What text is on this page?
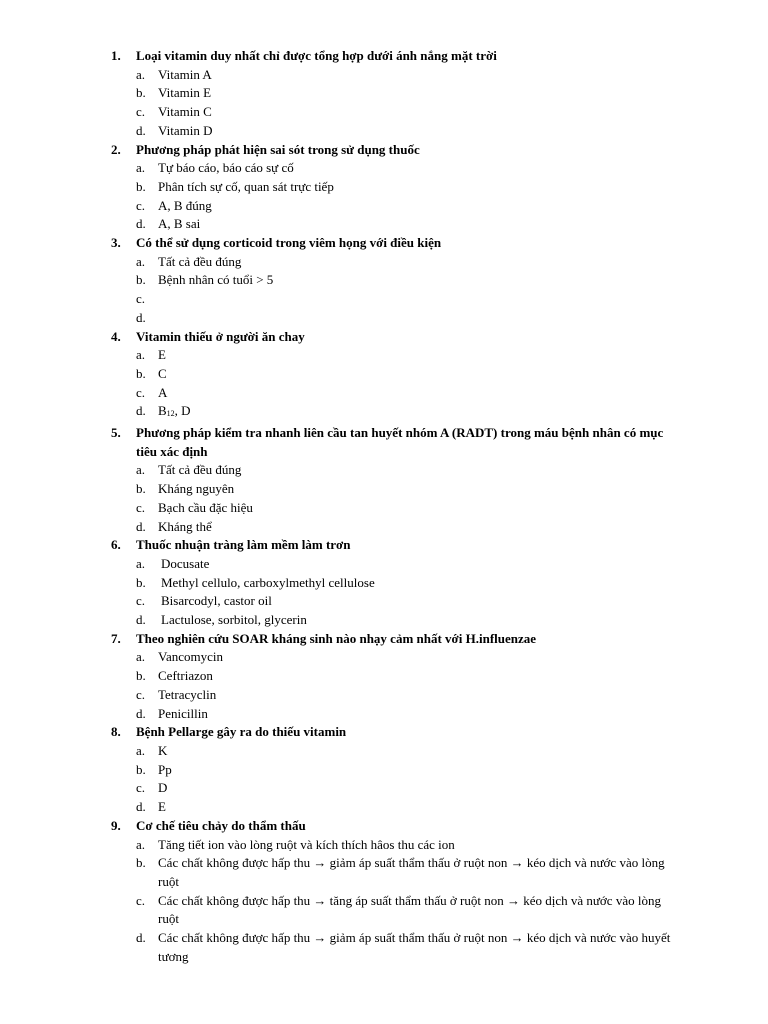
1.	Loại vitamin duy nhất chỉ được tổng hợp dưới ánh nắng mặt trời
a. Vitamin A
b. Vitamin E
c. Vitamin C
d. Vitamin D
2.	Phương pháp phát hiện sai sót trong sử dụng thuốc
a. Tự báo cáo, báo cáo sự cố
b. Phân tích sự cố, quan sát trực tiếp
c. A, B đúng
d. A, B sai
3.	Có thể sử dụng corticoid trong viêm họng với điều kiện
a. Tất cả đều đúng
b. Bệnh nhân có tuổi > 5
c.
d.
4.	Vitamin thiếu ở người ăn chay
a. E
b. C
c. A
d. $B_{12}$, D
5.	Phương pháp kiểm tra nhanh liên cầu tan huyết nhóm A (RADT) trong máu bệnh nhân có mục tiêu xác định
a. Tất cả đều đúng
b. Kháng nguyên
c. Bạch cầu đặc hiệu
d. Kháng thể
6.	Thuốc nhuận tràng làm mềm làm trơn
a. Docusate
b. Methyl cellulo, carboxylmethyl cellulose
c. Bisarcodyl, castor oil
d. Lactulose, sorbitol, glycerin
7.	Theo nghiên cứu SOAR kháng sinh nào nhạy cảm nhất với H.influenzae
a. Vancomycin
b. Ceftriazon
c. Tetracyclin
d. Penicillin
8.	Bệnh Pellarge gây ra do thiếu vitamin
a. K
b. Pp
c. D
d. E
9.	Cơ chế tiêu chảy do thẩm thấu
a. Tăng tiết ion vào lòng ruột và kích thích hâos thu các ion
b. Các chất không được hấp thu → giảm áp suất thẩm thấu ở ruột non → kéo dịch và nước vào lòng ruột
c. Các chất không được hấp thu → tăng áp suất thẩm thấu ở ruột non → kéo dịch và nước vào lòng ruột
d. Các chất không được hấp thu → giảm áp suất thẩm thấu ở ruột non → kéo dịch và nước vào huyết tương
